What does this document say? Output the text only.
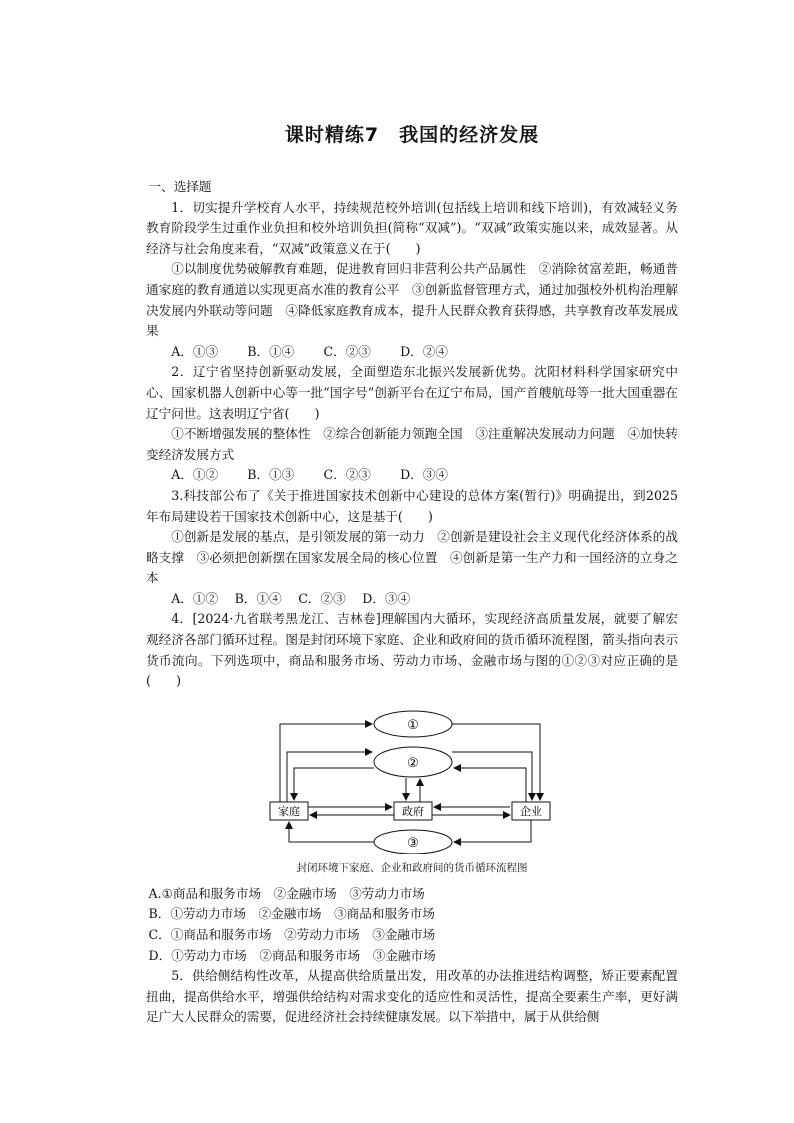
课时精练7　我国的经济发展

一、选择题

1．切实提升学校育人水平，持续规范校外培训(包括线上培训和线下培训)，有效减轻义务教育阶段学生过重作业负担和校外培训负担(简称“双减”)。“双减”政策实施以来，成效显著。从经济与社会角度来看，“双减”政策意义在于(　　)

①以制度优势破解教育难题，促进教育回归非营利公共产品属性　②消除贫富差距，畅通普通家庭的教育通道以实现更高水准的教育公平　③创新监督管理方式，通过加强校外机构治理解决发展内外联动等问题　④降低家庭教育成本，提升人民群众教育获得感，共享教育改革发展成果

A．①③　　 B．①④　　 C．②③　　 D．②④

2．辽宁省坚持创新驱动发展，全面塑造东北振兴发展新优势。沈阳材料科学国家研究中心、国家机器人创新中心等一批“国字号”创新平台在辽宁布局，国产首艘航母等一批大国重器在辽宁问世。这表明辽宁省(　　)

①不断增强发展的整体性　②综合创新能力领跑全国　③注重解决发展动力问题　④加快转变经济发展方式

A．①②　　 B．①③　　 C．②③　　 D．③④

3.科技部公布了《关于推进国家技术创新中心建设的总体方案(暂行)》明确提出，到2025年布局建设若干国家技术创新中心，这是基于(　　)

①创新是发展的基点，是引领发展的第一动力　②创新是建设社会主义现代化经济体系的战略支撑　③必须把创新摆在国家发展全局的核心位置　④创新是第一生产力和一国经济的立身之本

A．①②　 B．①④　 C．②③　 D．③④

4．[2024·九省联考黑龙江、吉林卷]理解国内大循环，实现经济高质量发展，就要了解宏观经济各部门循环过程。图是封闭环境下家庭、企业和政府间的货币循环流程图，箭头指向表示货币流向。下列选项中，商品和服务市场、劳动力市场、金融市场与图的①②③对应正确的是(　　)

①
②
③
家庭	政府	企业

封闭环境下家庭、企业和政府间的货币循环流程图

A.①商品和服务市场　②金融市场　③劳动力市场

B．①劳动力市场　②金融市场　③商品和服务市场

C．①商品和服务市场　②劳动力市场　③金融市场

D．①劳动力市场　②商品和服务市场　③金融市场

5．供给侧结构性改革，从提高供给质量出发，用改革的办法推进结构调整，矫正要素配置扭曲，提高供给水平，增强供给结构对需求变化的适应性和灵活性，提高全要素生产率，更好满足广大人民群众的需要，促进经济社会持续健康发展。以下举措中，属于从供给侧
